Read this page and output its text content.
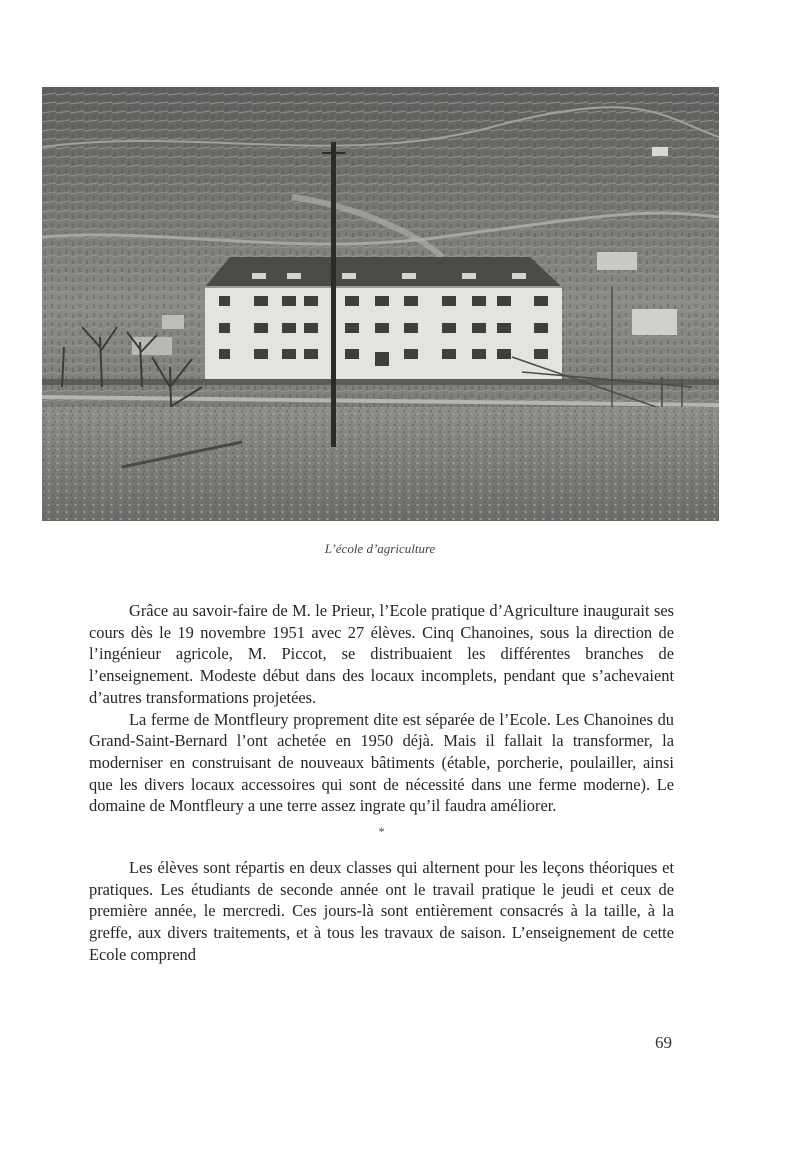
L’école d’agriculture

Grâce au savoir-faire de M. le Prieur, l’Ecole pratique d’Agriculture inaugurait ses cours dès le 19 novembre 1951 avec 27 élèves. Cinq Chanoines, sous la direction de l’ingénieur agricole, M. Piccot, se distribuaient les différentes branches de l’enseignement. Modeste début dans des locaux incomplets, pendant que s’achevaient d’autres transformations projetées.

La ferme de Montfleury proprement dite est séparée de l’Ecole. Les Chanoines du Grand-Saint-Bernard l’ont achetée en 1950 déjà. Mais il fallait la transformer, la moderniser en construisant de nouveaux bâtiments (étable, porcherie, poulailler, ainsi que les divers locaux accessoires qui sont de nécessité dans une ferme moderne). Le domaine de Montfleury a une terre assez ingrate qu’il faudra améliorer.

*

Les élèves sont répartis en deux classes qui alternent pour les leçons théoriques et pratiques. Les étudiants de seconde année ont le travail pratique le jeudi et ceux de première année, le mercredi. Ces jours-là sont entièrement consacrés à la taille, à la greffe, aux divers traitements, et à tous les travaux de saison. L’enseignement de cette Ecole comprend

69
